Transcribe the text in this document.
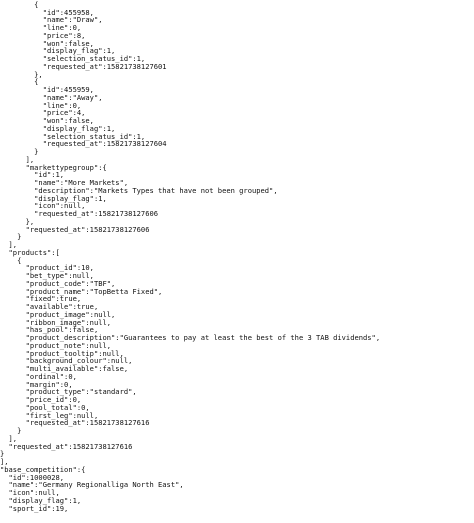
{
"id":455958,
"name":"Draw",
"line":0,
"price":8,
"won":false,
"display_flag":1,
"selection_status_id":1,
"requested_at":15821738127601
},
{
"id":455959,
"name":"Away",
"line":0,
"price":4,
"won":false,
"display_flag":1,
"selection_status_id":1,
"requested_at":15821738127604
}
],
"markettypegroup":{
"id":1,
"name":"More Markets",
"description":"Markets Types that have not been grouped",
"display_flag":1,
"icon":null,
"requested_at":15821738127606
},
"requested_at":15821738127606
}
],
"products":[
{
"product_id":10,
"bet_type":null,
"product_code":"TBF",
"product_name":"TopBetta Fixed",
"fixed":true,
"available":true,
"product_image":null,
"ribbon_image":null,
"has_pool":false,
"product_description":"Guarantees to pay at least the best of the 3 TAB dividends",
"product_note":null,
"product_tooltip":null,
"background_colour":null,
"multi_available":false,
"ordinal":0,
"margin":0,
"product_type":"standard",
"price_id":0,
"pool_total":0,
"first_leg":null,
"requested_at":15821738127616
}
],
"requested_at":15821738127616
}
],
"base_competition":{
"id":1000028,
"name":"Germany Regionalliga North East",
"icon":null,
"display_flag":1,
"sport_id":19,
